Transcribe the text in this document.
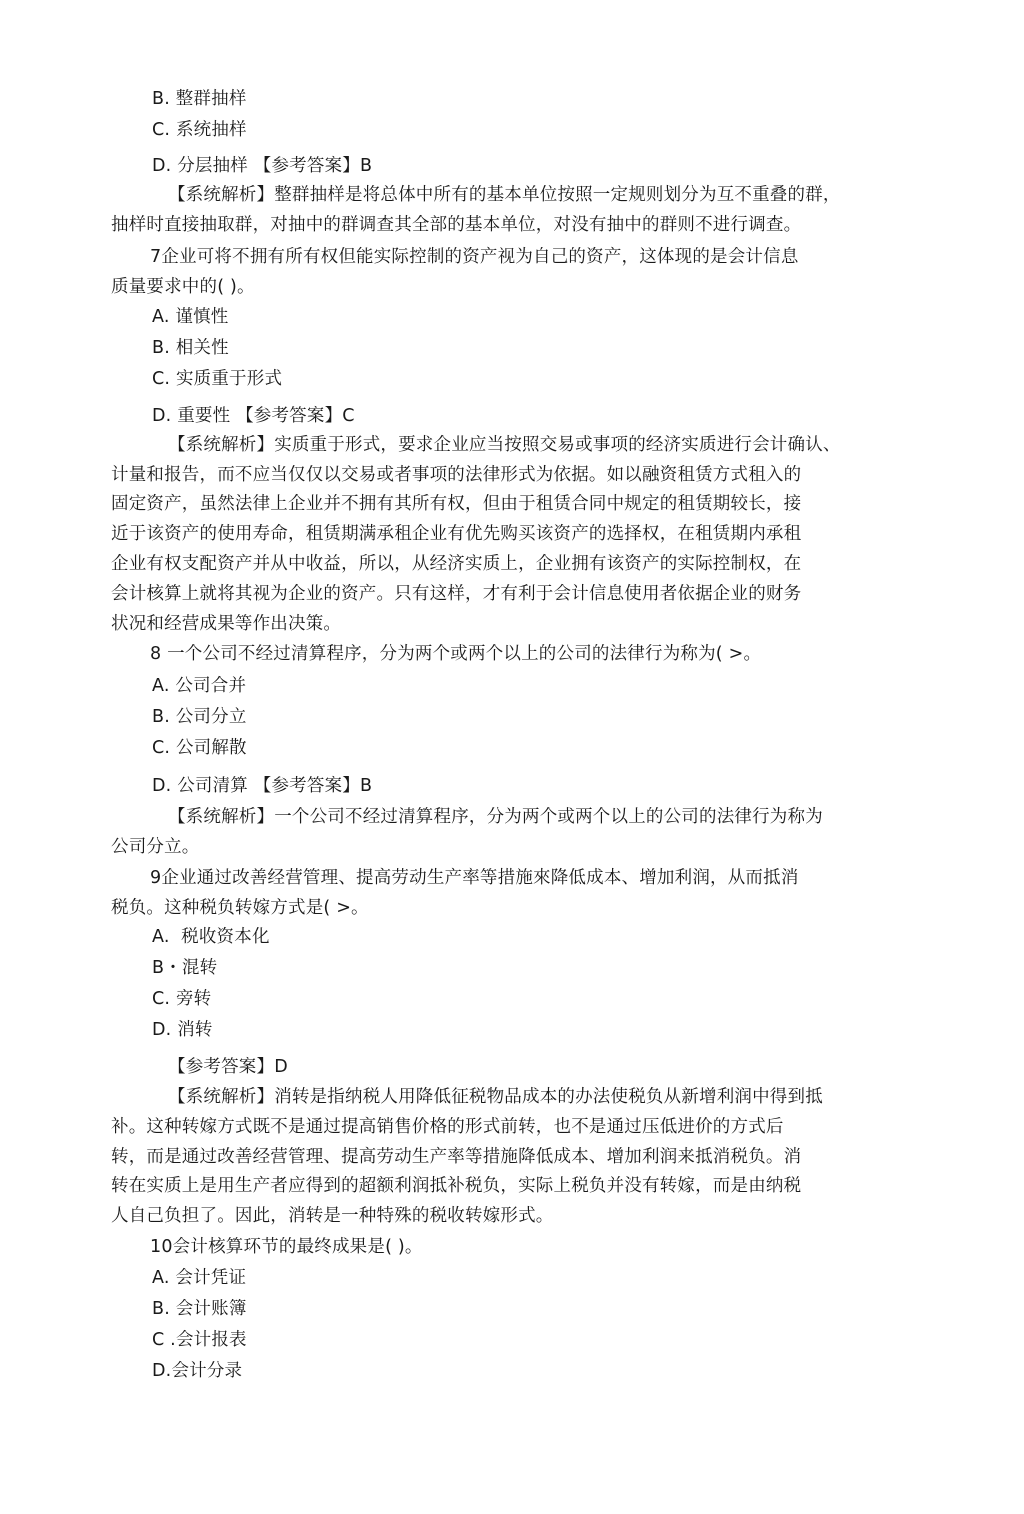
B. 整群抽样
C. 系统抽样
D. 分层抽样 【参考答案】B
【系统解析】整群抽样是将总体中所有的基本单位按照一定规则划分为互不重叠的群，
抽样时直接抽取群，对抽中的群调查其全部的基本单位，对没有抽中的群则不进行调查。
7企业可将不拥有所有权但能实际控制的资产视为自己的资产，这体现的是会计信息
质量要求中的( )。
A. 谨慎性
B. 相关性
C. 实质重于形式
D. 重要性 【参考答案】C
【系统解析】实质重于形式，要求企业应当按照交易或事项的经济实质进行会计确认、
计量和报告，而不应当仅仅以交易或者事项的法律形式为依据。如以融资租赁方式租入的
固定资产，虽然法律上企业并不拥有其所有权，但由于租赁合同中规定的租赁期较长，接
近于该资产的使用寿命，租赁期满承租企业有优先购买该资产的选择权，在租赁期内承租
企业有权支配资产并从中收益，所以，从经济实质上，企业拥有该资产的实际控制权，在
会计核算上就将其视为企业的资产。只有这样，才有利于会计信息使用者依据企业的财务
状况和经营成果等作出决策。
8 一个公司不经过清算程序，分为两个或两个以上的公司的法律行为称为( >。
A. 公司合并
B. 公司分立
C. 公司解散
D. 公司清算 【参考答案】B
【系统解析】一个公司不经过清算程序，分为两个或两个以上的公司的法律行为称为
公司分立。
9企业通过改善经营管理、提高劳动生产率等措施來降低成本、增加利润，从而抵消
税负。这种税负转嫁方式是( >。
A.  税收资本化
B・混转
C. 旁转
D. 消转
【参考答案】D
【系统解析】消转是指纳税人用降低征税物品成本的办法使税负从新增利润中得到抵
补。这种转嫁方式既不是通过提高销售价格的形式前转，也不是通过压低进价的方式后
转，而是通过改善经营管理、提高劳动生产率等措施降低成本、增加利润来抵消税负。消
转在实质上是用生产者应得到的超额利润抵补税负，实际上税负并没有转嫁，而是由纳税
人自己负担了。因此，消转是一种特殊的税收转嫁形式。
10会计核算环节的最终成果是( )。
A. 会计凭证
B. 会计账簿
C .会计报表
D.会计分录
